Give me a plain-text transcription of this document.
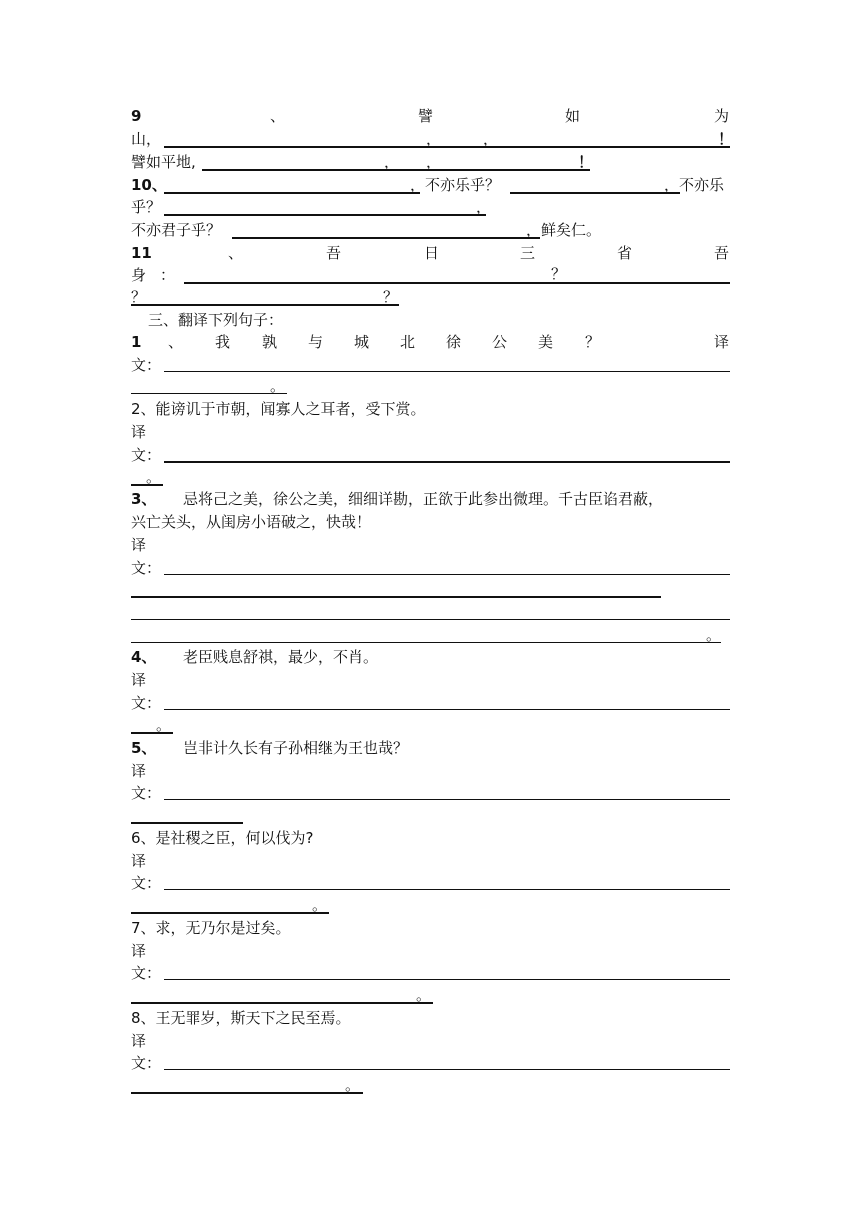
9	、	譬	如	为
山，	，	，	！
譬如平地,	， ，	！
10、	，不亦乐乎？	，不亦乐
乎？	，
不亦君子乎？	，鲜矣仁。
11	、	吾	日	三	省	吾
身 ：	？
？	？
三、翻译下列句子：
1 、 我 孰 与 城 北 徐 公 美 ？	译
文：
。
2、能谤讥于市朝，闻寡人之耳者，受下赏。
译
文：
。
3、 忌将己之美，徐公之美，细细详勘，正欲于此参出微理。千古臣谄君蔽，
兴亡关头，从闺房小语破之，快哉！
译
文：
。
4、 老臣贱息舒祺，最少，不肖。
译
文：
。
5、 岂非计久长有子孙相继为王也哉？
译
文：
6、是社稷之臣，何以伐为?
译
文：
。
7、求，无乃尔是过矣。
译
文：
。
8、王无罪岁，斯天下之民至焉。
译
文：
。
